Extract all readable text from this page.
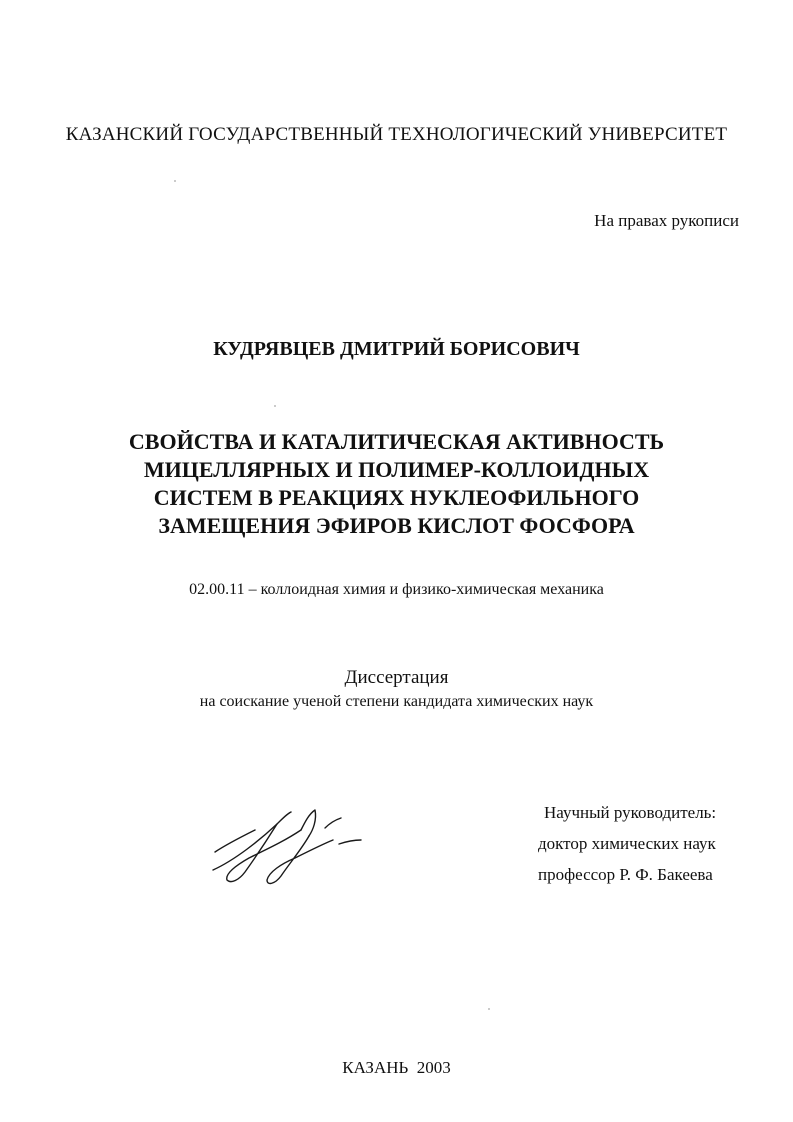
КАЗАНСКИЙ ГОСУДАРСТВЕННЫЙ ТЕХНОЛОГИЧЕСКИЙ УНИВЕРСИТЕТ
На правах рукописи
КУДРЯВЦЕВ ДМИТРИЙ БОРИСОВИЧ
СВОЙСТВА И КАТАЛИТИЧЕСКАЯ АКТИВНОСТЬ
МИЦЕЛЛЯРНЫХ И ПОЛИМЕР-КОЛЛОИДНЫХ
СИСТЕМ В РЕАКЦИЯХ НУКЛЕОФИЛЬНОГО
ЗАМЕЩЕНИЯ ЭФИРОВ КИСЛОТ ФОСФОРА
02.00.11 – коллоидная химия и физико-химическая механика
Диссертация
на соискание ученой степени кандидата химических наук
Научный руководитель:
доктор химических наук
профессор Р. Ф. Бакеева
КАЗАНЬ  2003
